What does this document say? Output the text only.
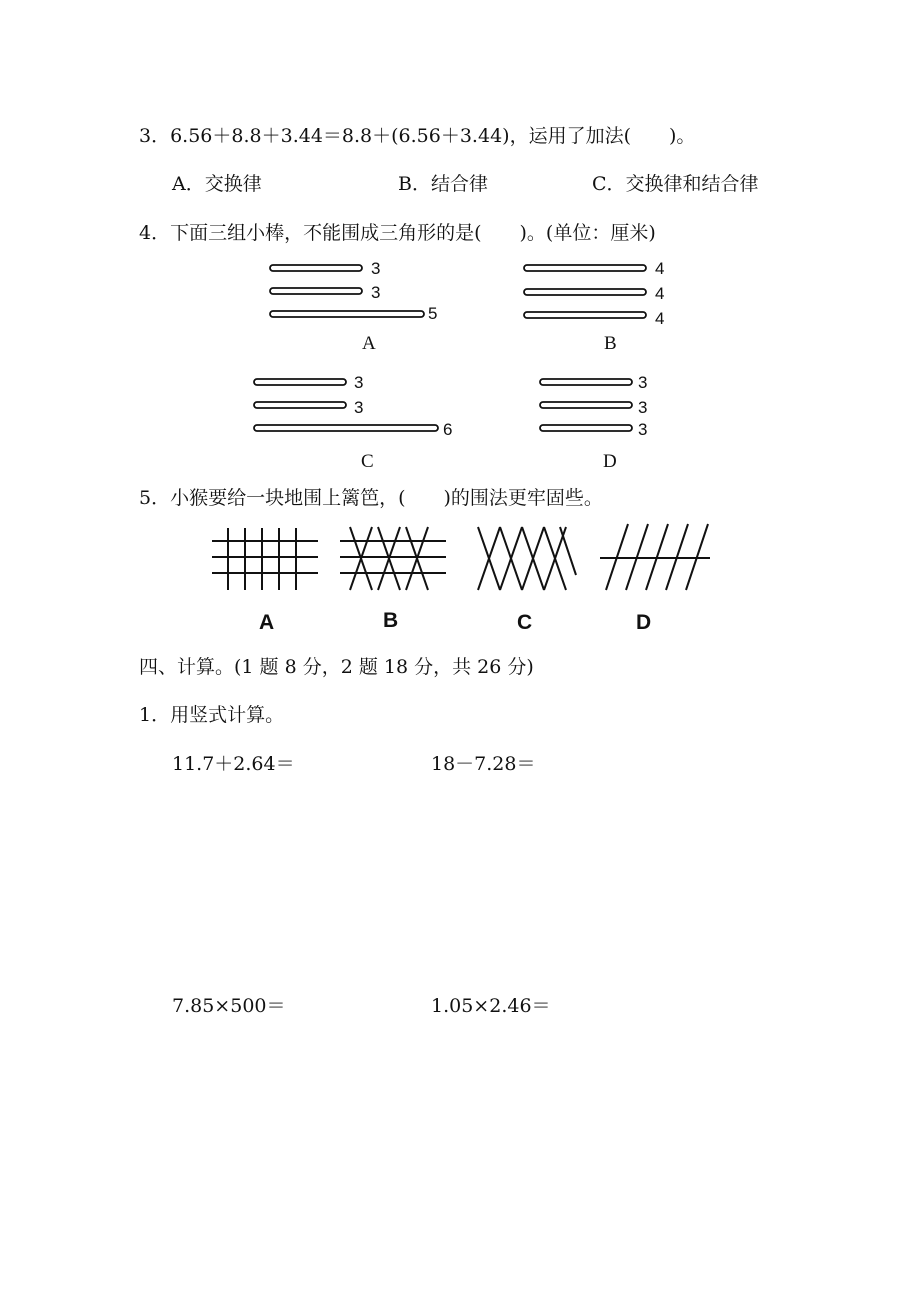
3．6.56＋8.8＋3.44＝8.8＋(6.56＋3.44)，运用了加法(　　)。
A．交换律	B．结合律	C．交换律和结合律
4．下面三组小棒，不能围成三角形的是(　　)。(单位：厘米)
3
3
5
A
4
4
4
B
3
3
6
C
3
3
3
D
A	B	C	D
5．小猴要给一块地围上篱笆，(　　)的围法更牢固些。
四、计算。(1 题 8 分，2 题 18 分，共 26 分)
1．用竖式计算。
11.7＋2.64＝	18－7.28＝
7.85×500＝	1.05×2.46＝
